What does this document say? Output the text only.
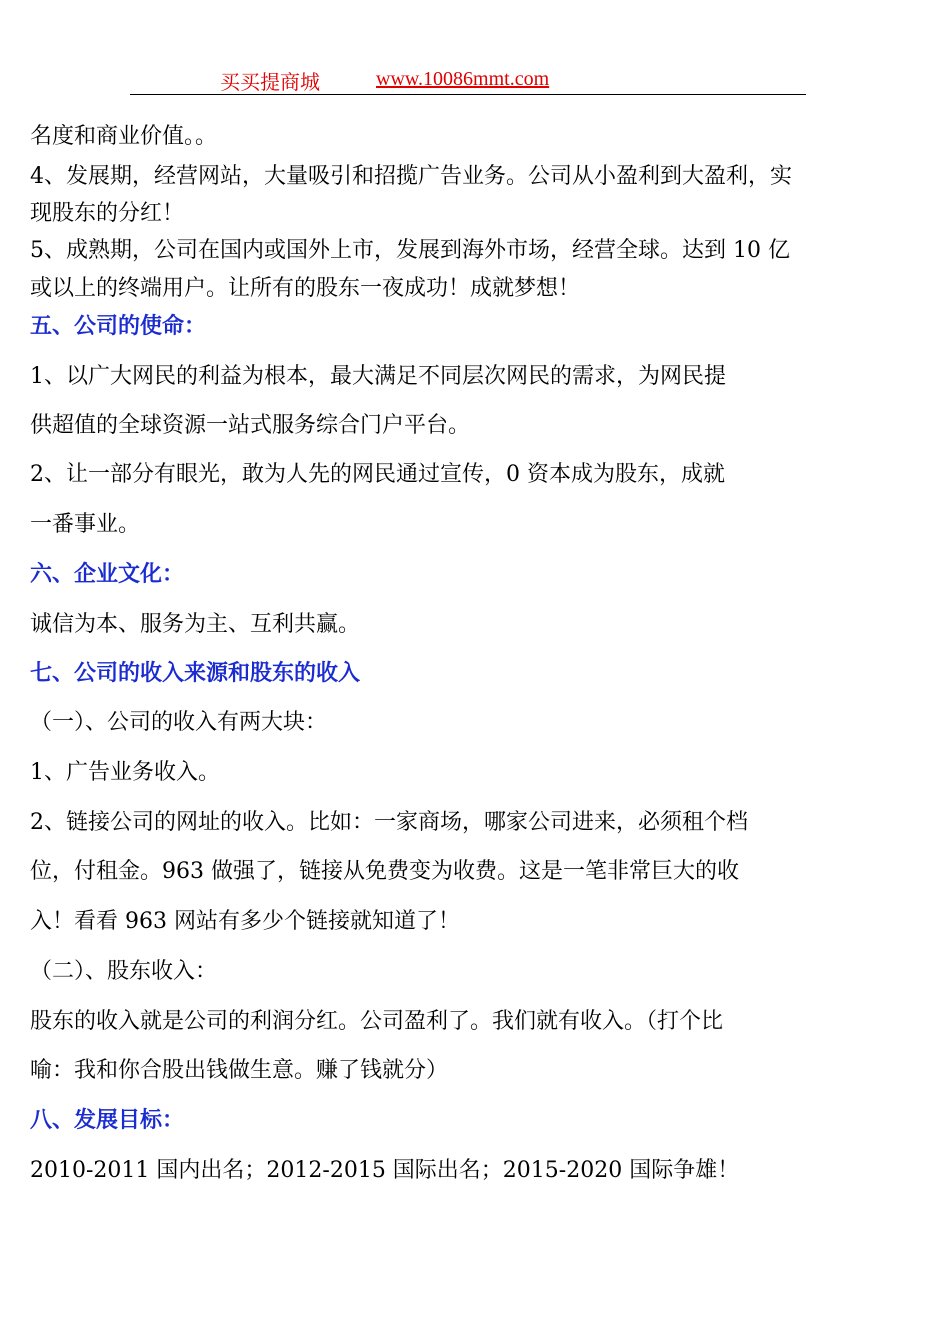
买买提商城	www.10086mmt.com
名度和商业价值。。
4、发展期，经营网站，大量吸引和招揽广告业务。公司从小盈利到大盈利，实
现股东的分红！
5、成熟期，公司在国内或国外上市，发展到海外市场，经营全球。达到 10 亿
或以上的终端用户。让所有的股东一夜成功！成就梦想！
五、公司的使命：
1、以广大网民的利益为根本，最大满足不同层次网民的需求，为网民提
供超值的全球资源一站式服务综合门户平台。
2、让一部分有眼光，敢为人先的网民通过宣传，0 资本成为股东，成就
一番事业。
六、企业文化：
诚信为本、服务为主、互利共赢。
七、公司的收入来源和股东的收入
（一）、公司的收入有两大块：
1、广告业务收入。
2、链接公司的网址的收入。比如：一家商场，哪家公司进来，必须租个档
位，付租金。963 做强了，链接从免费变为收费。这是一笔非常巨大的收
入！看看 963 网站有多少个链接就知道了！
（二）、股东收入：
股东的收入就是公司的利润分红。公司盈利了。我们就有收入。（打个比
喻：我和你合股出钱做生意。赚了钱就分）
八、发展目标：
2010-2011 国内出名；2012-2015 国际出名；2015-2020 国际争雄！
